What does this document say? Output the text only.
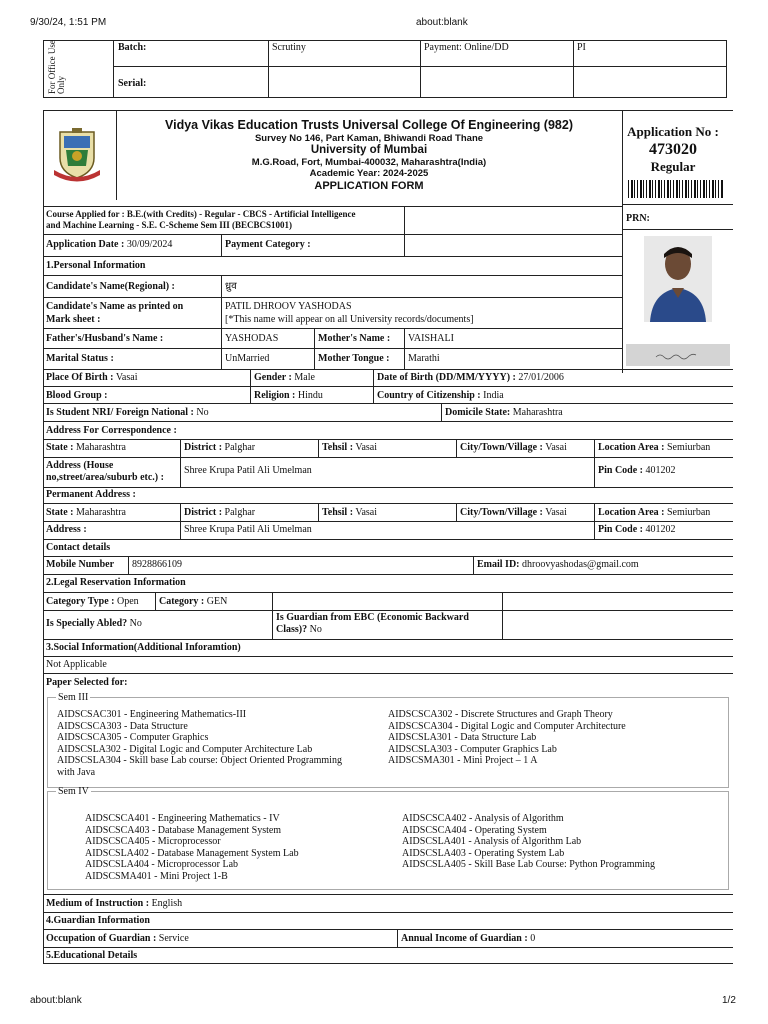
9/30/24, 1:51 PM	about:blank
For Office Use Only
Batch:	Scrutiny	Payment: Online/DD	PI
Serial:
Vidya Vikas Education Trusts Universal College Of Engineering (982)
Survey No 146, Part Kaman, Bhiwandi Road Thane
University of Mumbai
M.G.Road, Fort, Mumbai-400032, Maharashtra(India)
Academic Year: 2024-2025
APPLICATION FORM
Application No :
473020
Regular
PRN:
Course Applied for : B.E.(with Credits) - Regular - CBCS - Artificial Intelligence
and Machine Learning - S.E. C-Scheme Sem III (BECBCS1001)
Application Date : 30/09/2024	Payment Category :
1.Personal Information
Candidate's Name(Regional) :	ध्रुव
Candidate's Name as printed on
Mark sheet :
PATIL DHROOV YASHODAS
[*This name will appear on all University records/documents]
Father's/Husband's Name :	YASHODAS	Mother's Name : VAISHALI
Marital Status :	UnMarried	Mother Tongue : Marathi
Place Of Birth : Vasai	Gender : Male	Date of Birth (DD/MM/YYYY) : 27/01/2006
Blood Group :	Religion : Hindu	Country of Citizenship : India
Is Student NRI/ Foreign National : No	Domicile State: Maharashtra
Address For Correspondence :
State : Maharashtra	District : Palghar	Tehsil : Vasai	City/Town/Village : Vasai	Location Area : Semiurban
Address (House
no,street/area/suburb etc.) :
Shree Krupa Patil Ali Umelman	Pin Code : 401202
Permanent Address :
State : Maharashtra	District : Palghar	Tehsil : Vasai	City/Town/Village : Vasai	Location Area : Semiurban
Address :	Shree Krupa Patil Ali Umelman	Pin Code : 401202
Contact details
Mobile Number 8928866109	Email ID: dhroovyashodas@gmail.com
2.Legal Reservation Information
Category Type : Open Category : GEN
Is Specially Abled? No
Is Guardian from EBC (Economic Backward
Class)? No
3.Social Information(Additional Inforamtion)
Not Applicable
Paper Selected for:
Sem III
AIDSCSAC301 - Engineering Mathematics-III
AIDSCSCA303 - Data Structure
AIDSCSCA305 - Computer Graphics
AIDSCSLA302 - Digital Logic and Computer Architecture Lab
AIDSCSLA304 - Skill base Lab course: Object Oriented Programming
with Java
AIDSCSCA302 - Discrete Structures and Graph Theory
AIDSCSCA304 - Digital Logic and Computer Architecture
AIDSCSLA301 - Data Structure Lab
AIDSCSLA303 - Computer Graphics Lab
AIDSCSMA301 - Mini Project – 1 A
Sem IV
AIDSCSCA401 - Engineering Mathematics - IV
AIDSCSCA403 - Database Management System
AIDSCSCA405 - Microprocessor
AIDSCSLA402 - Database Management System Lab
AIDSCSLA404 - Microprocessor Lab
AIDSCSMA401 - Mini Project 1-B
AIDSCSCA402 - Analysis of Algorithm
AIDSCSCA404 - Operating System
AIDSCSLA401 - Analysis of Algorithm Lab
AIDSCSLA403 - Operating System Lab
AIDSCSLA405 - Skill Base Lab Course: Python Programming
Medium of Instruction : English
4.Guardian Information
Occupation of Guardian : Service	Annual Income of Guardian : 0
5.Educational Details
about:blank	1/2
